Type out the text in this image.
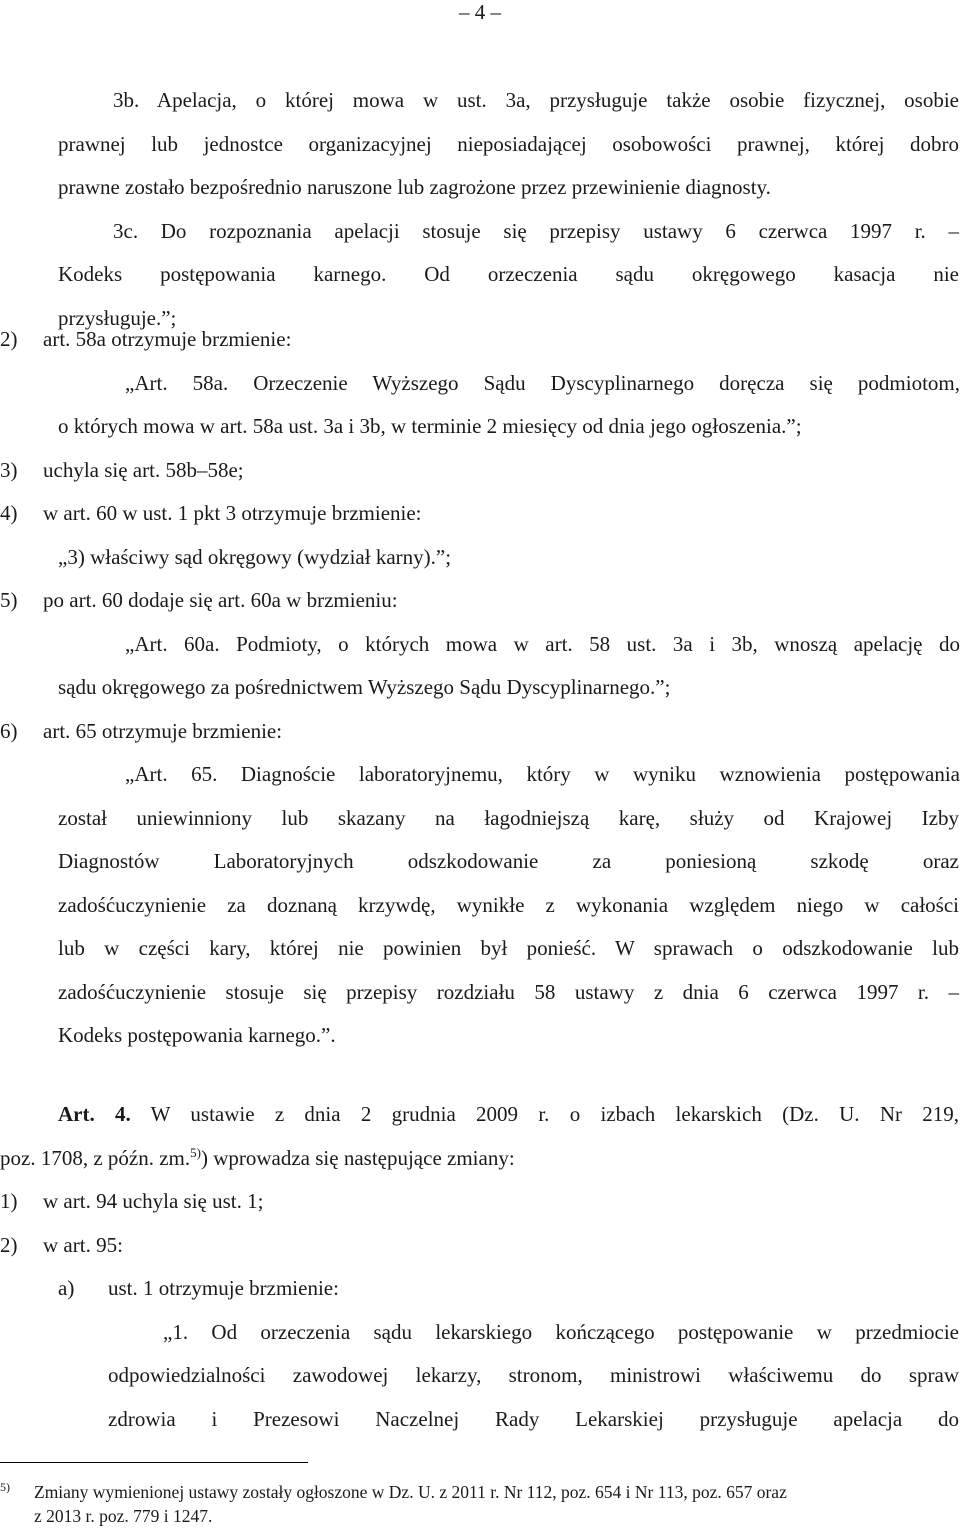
– 4 –

3b. Apelacja, o której mowa w ust. 3a, przysługuje także osobie fizycznej, osobie

prawnej lub jednostce organizacyjnej nieposiadającej osobowości prawnej, której dobro

prawne zostało bezpośrednio naruszone lub zagrożone przez przewinienie diagnosty.

3c. Do rozpoznania apelacji stosuje się przepisy ustawy 6 czerwca 1997 r. –

Kodeks postępowania karnego. Od orzeczenia sądu okręgowego kasacja nie

przysługuje.”;

2)	art. 58a otrzymuje brzmienie:

„Art. 58a. Orzeczenie Wyższego Sądu Dyscyplinarnego doręcza się podmiotom,

o których mowa w art. 58a ust. 3a i 3b, w terminie 2 miesięcy od dnia jego ogłoszenia.”;

3)	uchyla się art. 58b–58e;
4)	w art. 60 w ust. 1 pkt 3 otrzymuje brzmienie:

„3) właściwy sąd okręgowy (wydział karny).”;

5)	po art. 60 dodaje się art. 60a w brzmieniu:

„Art. 60a. Podmioty, o których mowa w art. 58 ust. 3a i 3b, wnoszą apelację do

sądu okręgowego za pośrednictwem Wyższego Sądu Dyscyplinarnego.”;

6)	art. 65 otrzymuje brzmienie:

„Art. 65. Diagnoście laboratoryjnemu, który w wyniku wznowienia postępowania

został uniewinniony lub skazany na łagodniejszą karę, służy od Krajowej Izby

Diagnostów Laboratoryjnych odszkodowanie za poniesioną szkodę oraz

zadośćuczynienie za doznaną krzywdę, wynikłe z wykonania względem niego w całości

lub w części kary, której nie powinien był ponieść. W sprawach o odszkodowanie lub

zadośćuczynienie stosuje się przepisy rozdziału 58 ustawy z dnia 6 czerwca 1997 r. –

Kodeks postępowania karnego.”.

Art. 4. W ustawie z dnia 2 grudnia 2009 r. o izbach lekarskich (Dz. U. Nr 219,

poz. 1708, z późn. zm.$^{5)}$) wprowadza się następujące zmiany:

1)	w art. 94 uchyla się ust. 1;
2)	w art. 95:
a)	ust. 1 otrzymuje brzmienie:

„1. Od orzeczenia sądu lekarskiego kończącego postępowanie w przedmiocie

odpowiedzialności zawodowej lekarzy, stronom, ministrowi właściwemu do spraw

zdrowia i Prezesowi Naczelnej Rady Lekarskiej przysługuje apelacja do

5)	Zmiany wymienionej ustawy zostały ogłoszone w Dz. U. z 2011 r. Nr 112, poz. 654 i Nr 113, poz. 657 oraz
z 2013 r. poz. 779 i 1247.
